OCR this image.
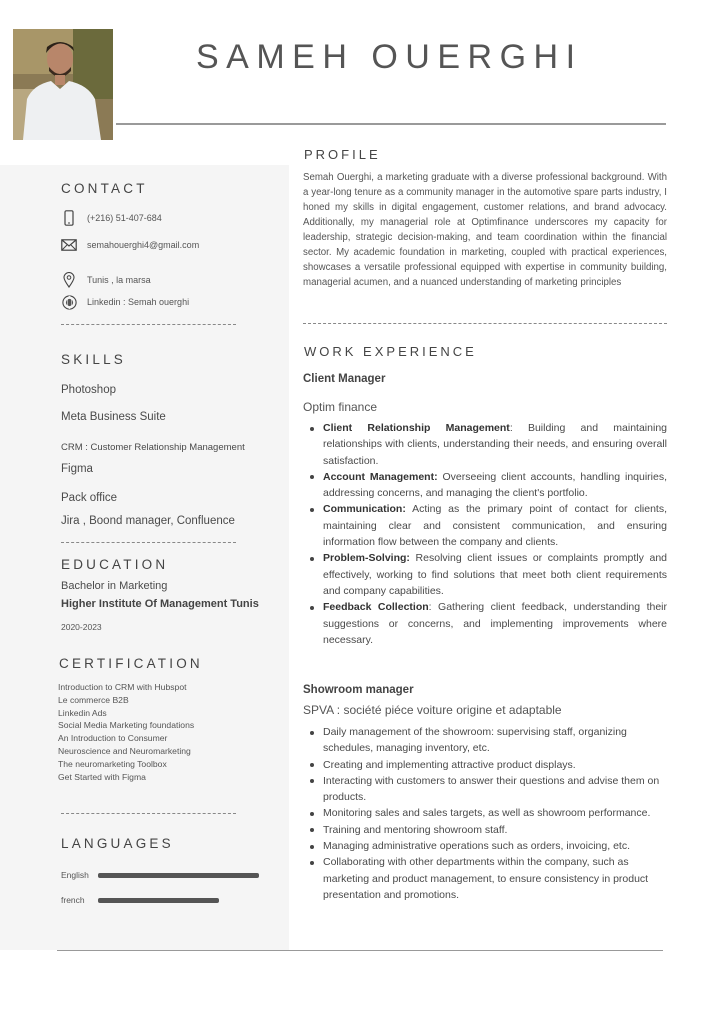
SAMEH OUERGHI
CONTACT
(+216) 51-407-684
semahouerghi4@gmail.com
Tunis , la marsa
Linkedin : Semah ouerghi
SKILLS
Photoshop
Meta Business Suite
CRM : Customer Relationship Management
Figma
Pack office
Jira , Boond manager, Confluence
EDUCATION
Bachelor in Marketing
Higher Institute Of Management Tunis
2020-2023
CERTIFICATION
Introduction to CRM with Hubspot
Le commerce B2B
Linkedin Ads
Social Media Marketing foundations
An Introduction to Consumer
Neuroscience and Neuromarketing
The neuromarketing Toolbox
Get Started with Figma
LANGUAGES
English
french
PROFILE

Semah Ouerghi, a marketing graduate with a diverse professional background. With a year-long tenure as a community manager in the automotive spare parts industry, I honed my skills in digital engagement, customer relations, and brand advocacy. Additionally, my managerial role at Optimfinance underscores my capacity for leadership, strategic decision-making, and team coordination within the financial sector. My academic foundation in marketing, coupled with practical experiences, showcases a versatile professional equipped with expertise in community building, managerial acumen, and a nuanced understanding of marketing principles

WORK EXPERIENCE
Client Manager
Optim finance
Client Relationship Management: Building and maintaining relationships with clients, understanding their needs, and ensuring overall satisfaction.
Account Management: Overseeing client accounts, handling inquiries, addressing concerns, and managing the client's portfolio.
Communication: Acting as the primary point of contact for clients, maintaining clear and consistent communication, and ensuring information flow between the company and clients.
Problem-Solving: Resolving client issues or complaints promptly and effectively, working to find solutions that meet both client requirements and company capabilities.
Feedback Collection: Gathering client feedback, understanding their suggestions or concerns, and implementing improvements where necessary.
Showroom manager
SPVA : société piéce voiture origine et adaptable
Daily management of the showroom: supervising staff, organizing schedules, managing inventory, etc.
Creating and implementing attractive product displays.
Interacting with customers to answer their questions and advise them on products.
Monitoring sales and sales targets, as well as showroom performance.
Training and mentoring showroom staff.
Managing administrative operations such as orders, invoicing, etc.
Collaborating with other departments within the company, such as marketing and product management, to ensure consistency in product presentation and promotions.
